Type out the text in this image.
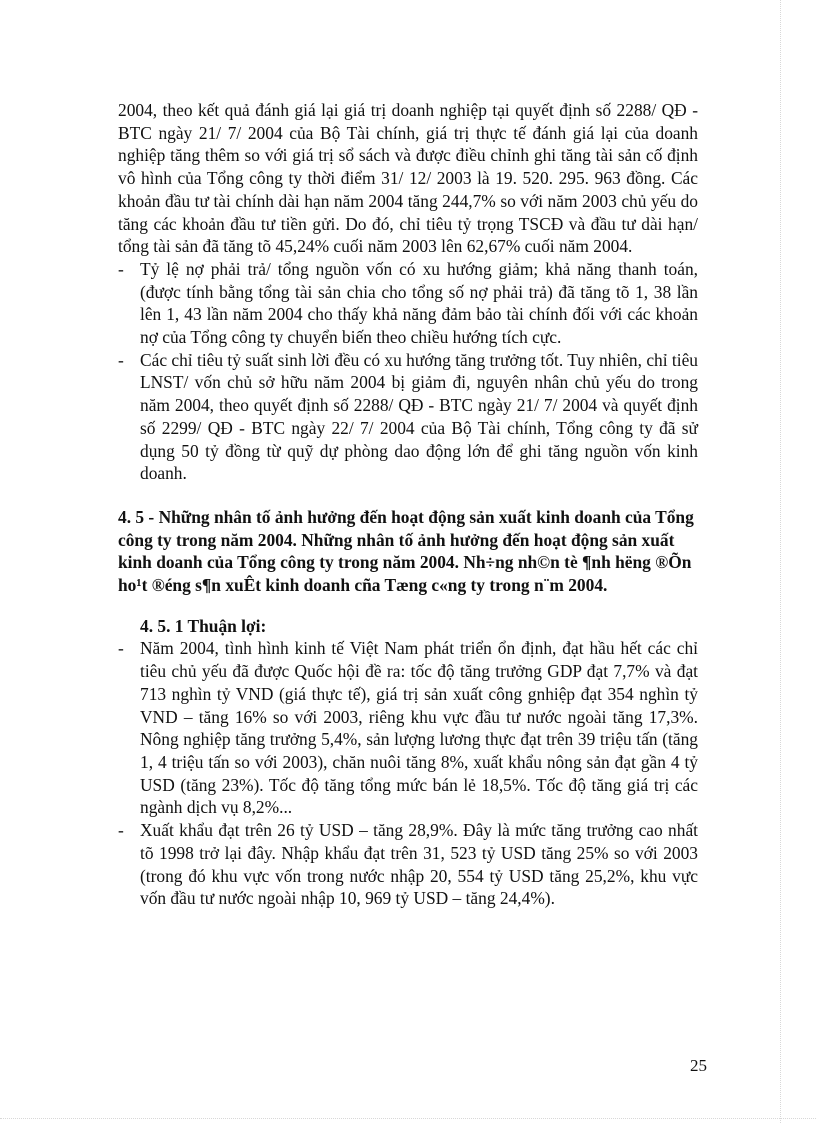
2004, theo kết quả đánh giá lại giá trị doanh nghiệp tại quyết định số 2288/ QĐ - BTC ngày 21/ 7/ 2004 của Bộ Tài chính, giá trị thực tế đánh giá lại của doanh nghiệp tăng thêm so với giá trị sổ sách và được điều chỉnh ghi tăng tài sản cố định vô hình của Tổng công ty thời điểm 31/ 12/ 2003 là 19. 520. 295. 963 đồng. Các khoản đầu tư tài chính dài hạn năm 2004 tăng 244,7% so với năm 2003 chủ yếu do tăng các khoản đầu tư tiền gửi. Do đó, chỉ tiêu tỷ trọng TSCĐ và đầu tư dài hạn/ tổng tài sản đã tăng tõ 45,24% cuối năm 2003 lên 62,67% cuối năm 2004.

- Tỷ lệ nợ phải trả/ tổng nguồn vốn có xu hướng giảm; khả năng thanh toán, (được tính bằng tổng tài sản chia cho tổng số nợ phải trả) đã tăng tõ 1, 38 lần lên 1, 43 lần năm 2004 cho thấy khả năng đảm bảo tài chính đối với các khoản nợ của Tổng công ty chuyển biến theo chiều hướng tích cực.
- Các chỉ tiêu tỷ suất sinh lời đều có xu hướng tăng trưởng tốt. Tuy nhiên, chỉ tiêu LNST/ vốn chủ sở hữu năm 2004 bị giảm đi, nguyên nhân chủ yếu do trong năm 2004, theo quyết định số 2288/ QĐ - BTC ngày 21/ 7/ 2004 và quyết định số 2299/ QĐ - BTC ngày 22/ 7/ 2004 của Bộ Tài chính, Tổng công ty đã sử dụng 50 tỷ đồng từ quỹ dự phòng dao động lớn để ghi tăng nguồn vốn kinh doanh.
4. 5 - Những nhân tố ảnh hưởng đến hoạt động sản xuất kinh doanh của Tổng công ty trong năm 2004. Những nhân tố ảnh hưởng đến hoạt động sản xuất kinh doanh của Tổng công ty trong năm 2004. Nh÷ng nh©n tè ¶nh hëng ®Õn ho¹t ®éng s¶n xuÊt kinh doanh cña Tæng c«ng ty trong n¨m 2004.
4. 5. 1 Thuận lợi:
- Năm 2004, tình hình kinh tế Việt Nam phát triển ổn định, đạt hầu hết các chỉ tiêu chủ yếu đã được Quốc hội đề ra: tốc độ tăng trưởng GDP đạt 7,7% và đạt 713 nghìn tỷ VND (giá thực tế), giá trị sản xuất công gnhiệp đạt 354 nghìn tỷ VND – tăng 16% so với 2003, riêng khu vực đầu tư nước ngoài tăng 17,3%. Nông nghiệp tăng trưởng 5,4%, sản lượng lương thực đạt trên 39 triệu tấn (tăng 1, 4 triệu tấn so với 2003), chăn nuôi tăng 8%, xuất khẩu nông sản đạt gần 4 tỷ USD (tăng 23%). Tốc độ tăng tổng mức bán lẻ 18,5%. Tốc độ tăng giá trị các ngành dịch vụ 8,2%...
- Xuất khẩu đạt trên 26 tỷ USD – tăng 28,9%. Đây là mức tăng trưởng cao nhất tõ 1998 trở lại đây. Nhập khẩu đạt trên 31, 523 tỷ USD tăng 25% so với 2003 (trong đó khu vực vốn trong nước nhập 20, 554 tỷ USD tăng 25,2%, khu vực vốn đầu tư nước ngoài nhập 10, 969 tỷ USD – tăng 24,4%).
25
